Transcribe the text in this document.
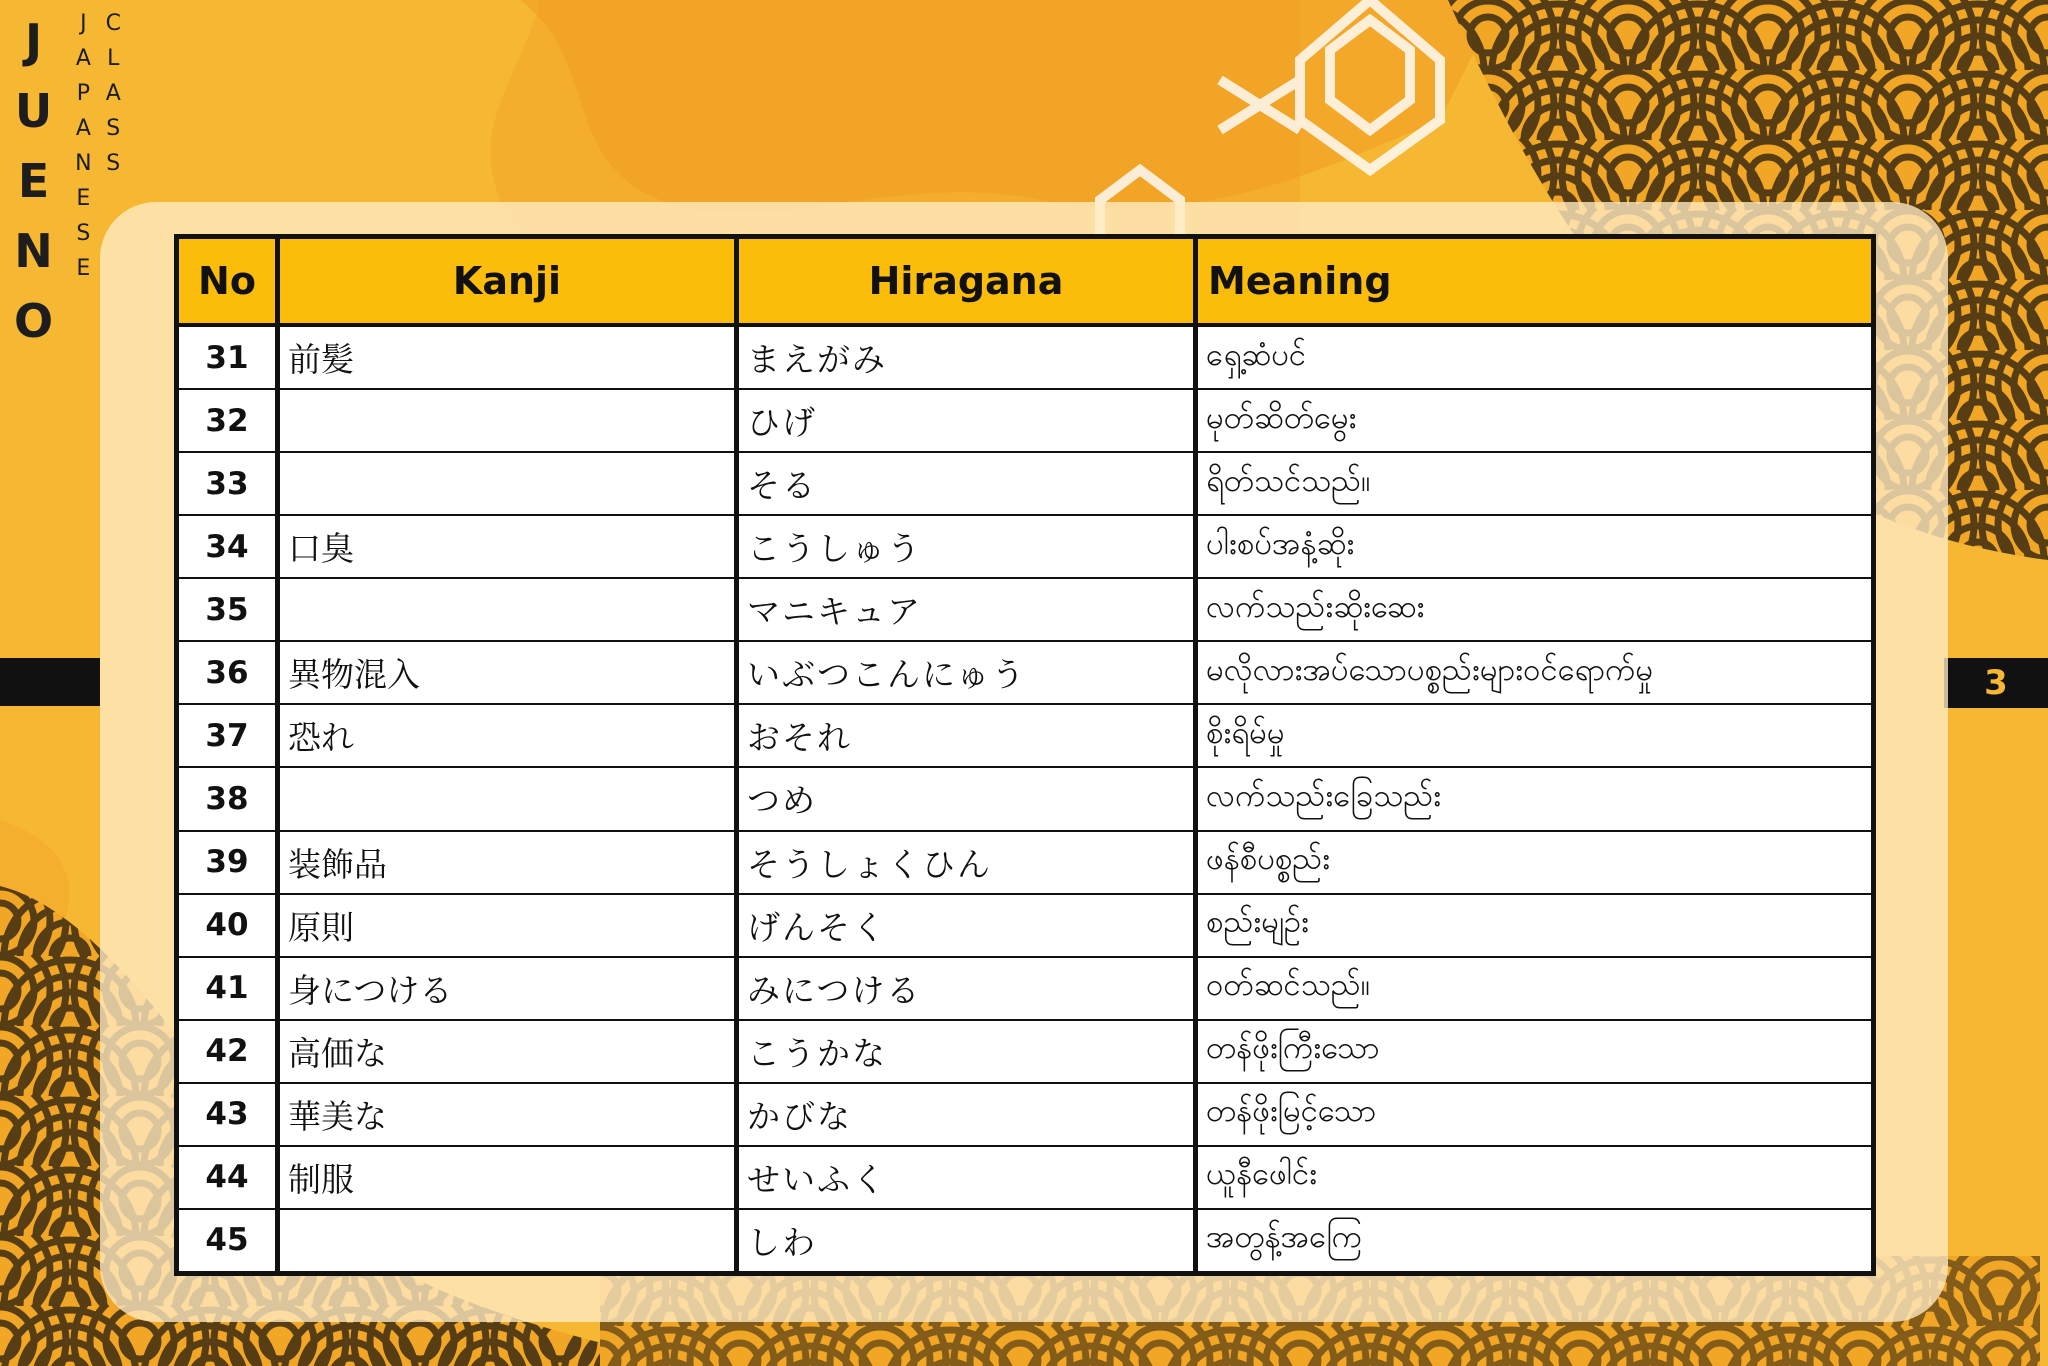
J
U
E
N
O
J
A
P
A
N
E
S
E
C
L
A
S
S
3
No	Kanji	Hiragana	Meaning
31	前髪	まえがみ	ရှေ့ဆံပင်
32		ひげ	မုတ်ဆိတ်မွေး
33		そる	ရိတ်သင်သည်။
34	口臭	こうしゅう	ပါးစပ်အနံ့ဆိုး
35		マニキュア	လက်သည်းဆိုးဆေး
36	異物混入	いぶつこんにゅう	မလိုလားအပ်သောပစ္စည်းများဝင်ရောက်မှု
37	恐れ	おそれ	စိုးရိမ်မှု
38		つめ	လက်သည်းခြေသည်း
39	装飾品	そうしょくひん	ဖန်စီပစ္စည်း
40	原則	げんそく	စည်းမျဉ်း
41	身につける	みにつける	ဝတ်ဆင်သည်။
42	高価な	こうかな	တန်ဖိုးကြီးသော
43	華美な	かびな	တန်ဖိုးမြင့်သော
44	制服	せいふく	ယူနီဖေါင်း
45		しわ	အတွန့်အကြေ
